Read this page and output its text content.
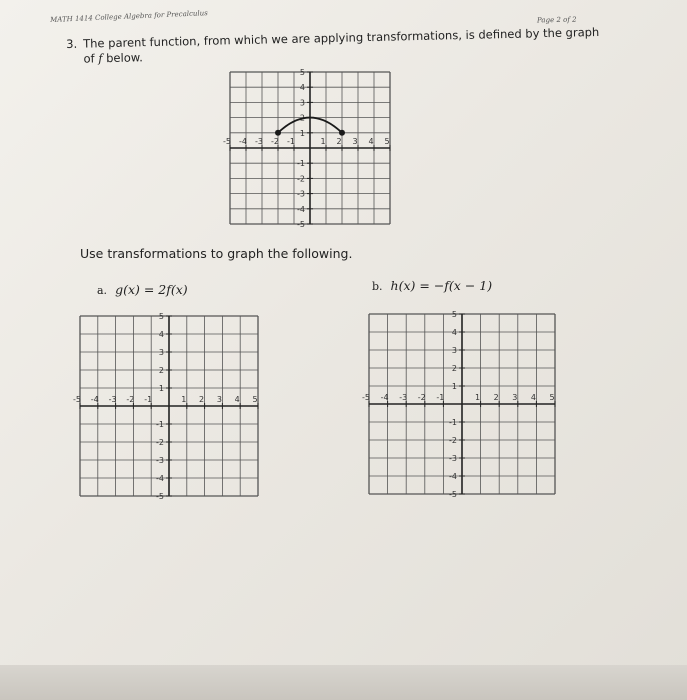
MATH 1414 College Algebra for Precalculus	Page 2 of 2
3. The parent function, from which we are applying transformations, is defined by the graph
of f below.
-5 -4 -3 -2 -1	1 2 3 4 5
5
4
3
2
1
-1
-2
-3
-4
-5
Use transformations to graph the following.
a. g(x) = 2f(x)	b. h(x) = −f(x − 1)
-5 -4 -3 -2 -1	1 2 3 4 5
5
4
3
2
1
-1
-2
-3
-4
-5
-5 -4 -3 -2 -1	1 2 3 4 5
5
4
3
2
1
-1
-2
-3
-4
-5
